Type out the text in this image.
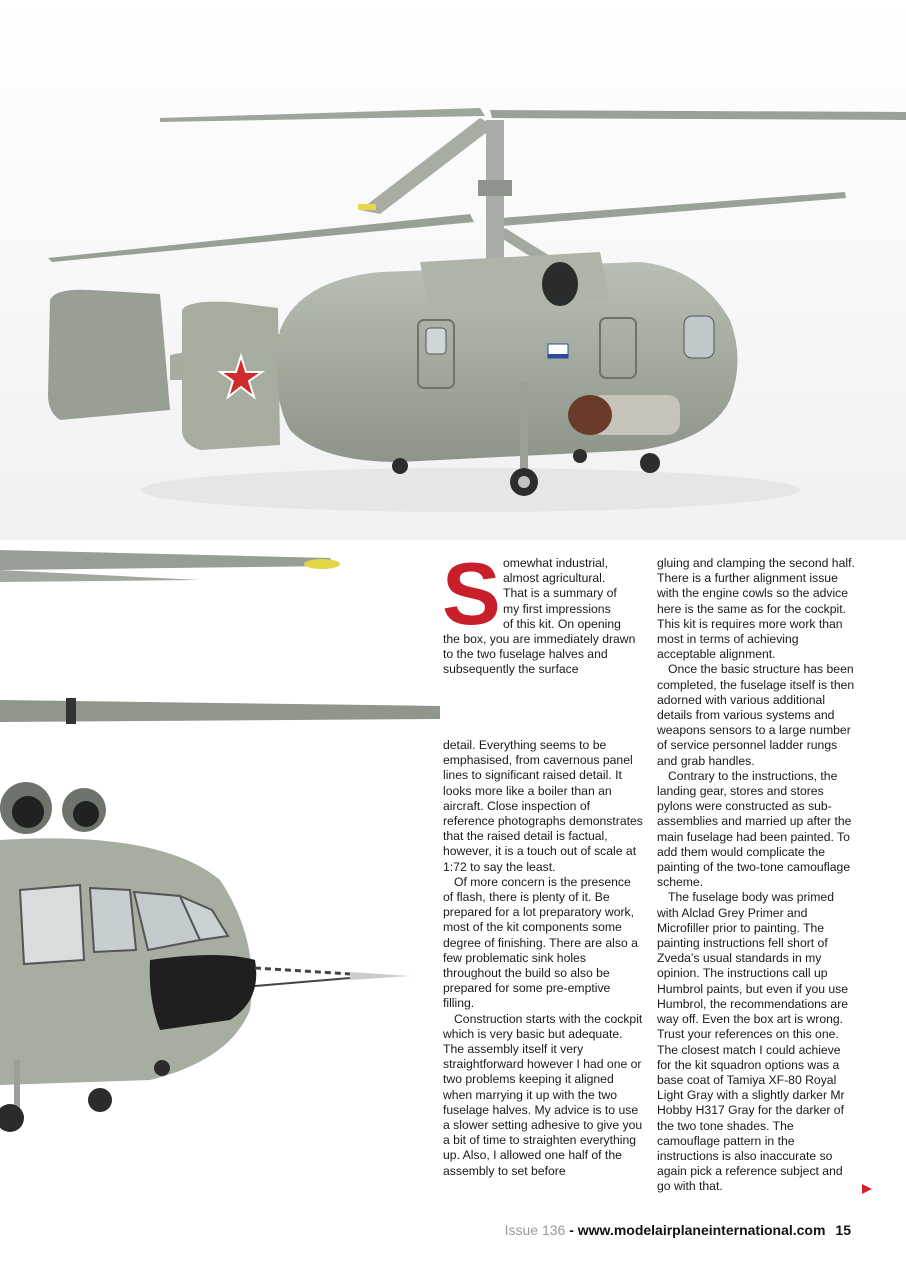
S omewhat industrial,
almost agricultural.
That is a summary of
my first impressions
of this kit. On opening
the box, you are immediately drawn to the two fuselage halves and subsequently the surface

detail. Everything seems to be emphasised, from cavernous panel lines to significant raised detail. It looks more like a boiler than an aircraft. Close inspection of reference photographs demonstrates that the raised detail is factual, however, it is a touch out of scale at 1:72 to say the least.

Of more concern is the presence of flash, there is plenty of it. Be prepared for a lot preparatory work, most of the kit components some degree of finishing. There are also a few problematic sink holes throughout the build so also be prepared for some pre-emptive filling.

Construction starts with the cockpit which is very basic but adequate. The assembly itself it very straightforward however I had one or two problems keeping it aligned when marrying it up with the two fuselage halves. My advice is to use a slower setting adhesive to give you a bit of time to straighten everything up. Also, I allowed one half of the assembly to set before

gluing and clamping the second half. There is a further alignment issue with the engine cowls so the advice here is the same as for the cockpit. This kit is requires more work than most in terms of achieving acceptable alignment.

Once the basic structure has been completed, the fuselage itself is then adorned with various additional details from various systems and weapons sensors to a large number of service personnel ladder rungs and grab handles.

Contrary to the instructions, the landing gear, stores and stores pylons were constructed as sub-assemblies and married up after the main fuselage had been painted. To add them would complicate the painting of the two-tone camouflage scheme.

The fuselage body was primed with Alclad Grey Primer and Microfiller prior to painting. The painting instructions fell short of Zveda’s usual standards in my opinion. The instructions call up Humbrol paints, but even if you use Humbrol, the recommendations are way off. Even the box art is wrong. Trust your references on this one. The closest match I could achieve for the kit squadron options was a base coat of Tamiya XF-80 Royal Light Gray with a slightly darker Mr Hobby H317 Gray for the darker of the two tone shades. The camouflage pattern in the instructions is also inaccurate so again pick a reference subject and go with that.

Issue 136 - www.modelairplaneinternational.com 15
